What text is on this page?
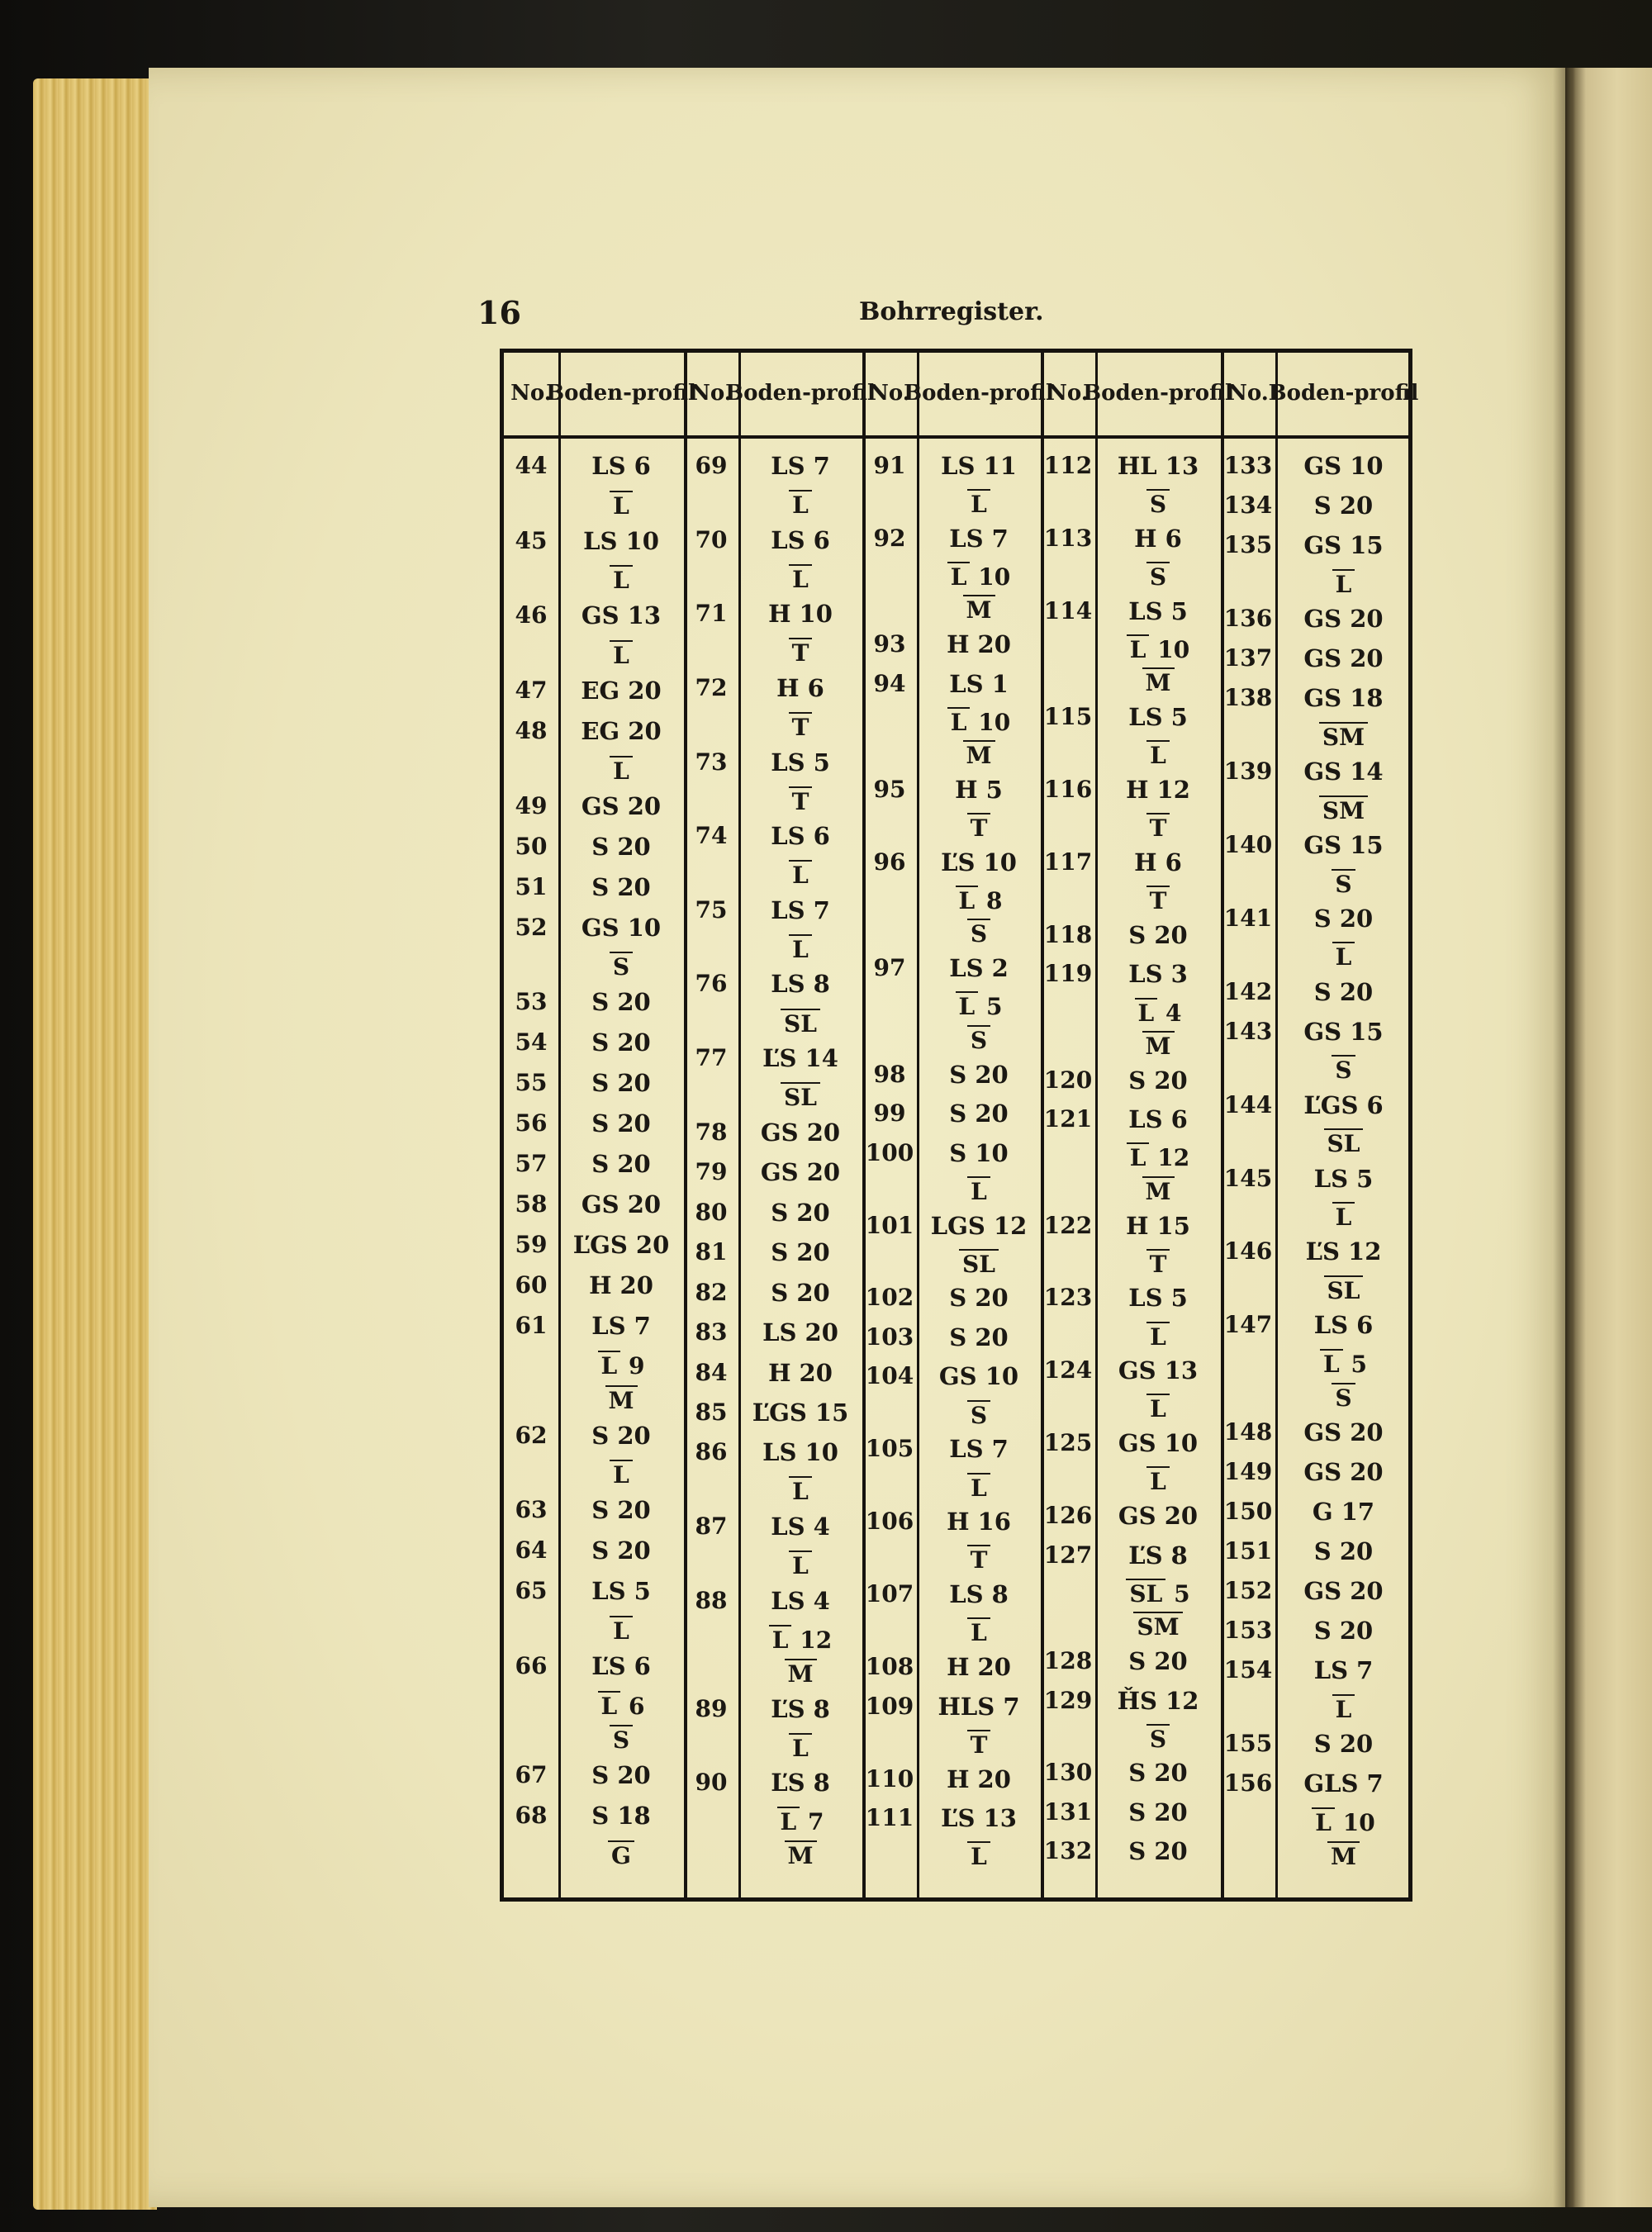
16	Bohrregister.
No.
Boden- profil
No.
Boden- profil
No.
Boden- profil
No.
Boden- profil
No. Boden- profil
44	LS 6
L
45	LS 10
L
46	GS 13
L
47	EG 20
48	EG 20
L
49	GS 20
50	S 20
51	S 20
52	GS 10
S
53	S 20
54	S 20
55	S 20
56	S 20
57	S 20
58	GS 20
59	ĽGS 20
60	H 20
61	LS 7
L 9
M
62	S 20
L
63	S 20
64	S 20
65	LS 5
L
66	ĽS 6
L 6
S
67	S 20
68	S 18
G
69	LS 7
L
70	LS 6
L
71	H 10
T
72	H 6
T
73	LS 5
T
74	LS 6
L
75	LS 7
L
76	LS 8
SL
77	ĽS 14
SL
78	GS 20
79	GS 20
80	S 20
81	S 20
82	S 20
83	LS 20
84	H 20
85	ĽGS 15
86	LS 10
L
87	LS 4
L
88	LS 4
L 12
M
89	ĽS 8
L
90	ĽS 8
L 7
M
91	LS 11
L
92	LS 7
L 10
M
93	H 20
94	LS 1
L 10
M
95	H 5
T
96	ĽS 10
L 8
S
97	LS 2
L 5
S
98	S 20
99	S 20
100	S 10
L
101 LGS 12
SL
102	S 20
103	S 20
104	GS 10
S
105	LS 7
L
106	H 16
T
107	LS 8
L
108	H 20
109	HLS 7
T
110	H 20
111	ĽS 13
L
112	HL 13
S
113	H 6
S
114	LS 5
L 10
M
115	LS 5
L
116	H 12
T
117	H 6
T
118	S 20
119	LS 3
L 4
M
120	S 20
121	LS 6
L 12
M
122	H 15
T
123	LS 5
L
124	GS 13
L
125	GS 10
L
126	GS 20
127	ĽS 8
SL 5
SM
128	S 20
129	ȞS 12
S
130	S 20
131	S 20
132	S 20
133	GS 10
134	S 20
135	GS 15
L
136	GS 20
137	GS 20
138	GS 18
SM
139	GS 14
SM
140	GS 15
S
141	S 20
L
142	S 20
143	GS 15
S
144	ĽGS 6
SL
145	LS 5
L
146	ĽS 12
SL
147	LS 6
L 5
S
148	GS 20
149	GS 20
150	G 17
151	S 20
152	GS 20
153	S 20
154	LS 7
L
155	S 20
156	GLS 7
L 10
M
